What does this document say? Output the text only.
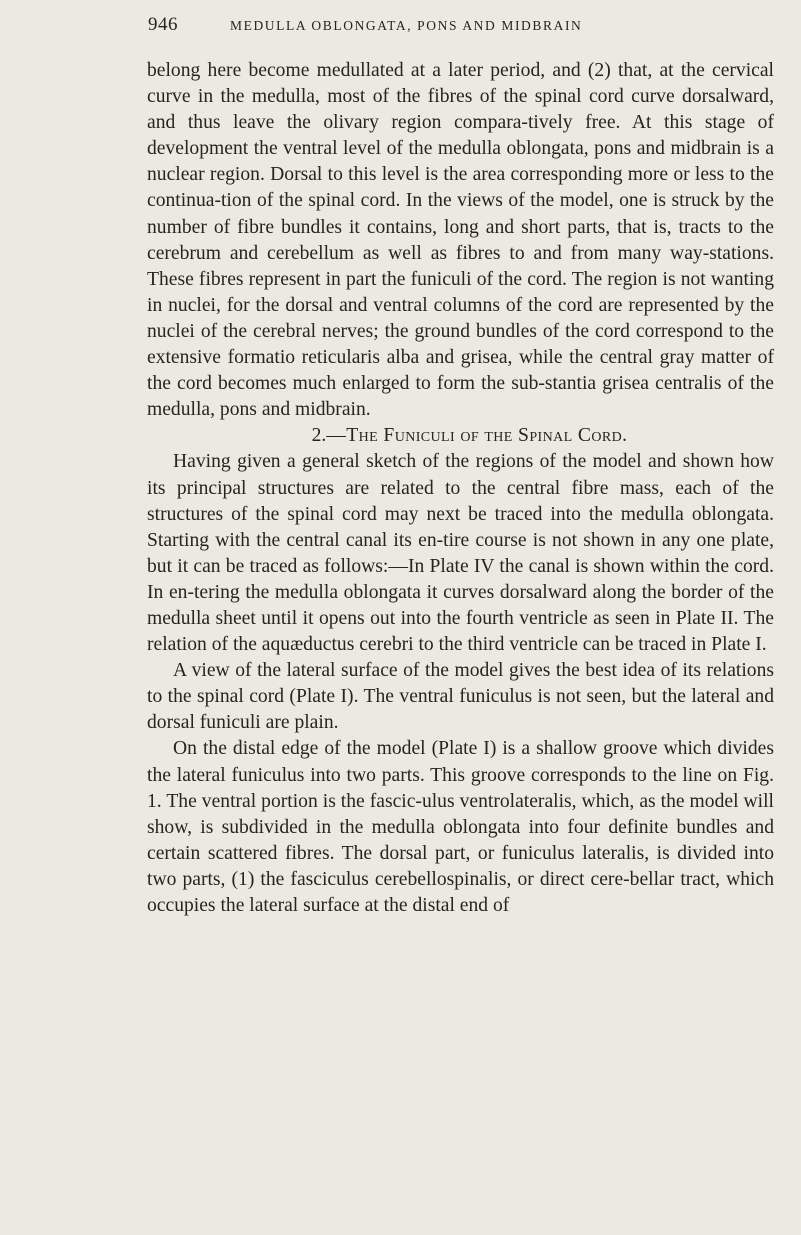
946	MEDULLA OBLONGATA, PONS AND MIDBRAIN

belong here become medullated at a later period, and (2) that, at the cervical curve in the medulla, most of the fibres of the spinal cord curve dorsalward, and thus leave the olivary region compara-tively free. At this stage of development the ventral level of the medulla oblongata, pons and midbrain is a nuclear region. Dorsal to this level is the area corresponding more or less to the continua-tion of the spinal cord. In the views of the model, one is struck by the number of fibre bundles it contains, long and short parts, that is, tracts to the cerebrum and cerebellum as well as fibres to and from many way-stations. These fibres represent in part the funiculi of the cord. The region is not wanting in nuclei, for the dorsal and ventral columns of the cord are represented by the nuclei of the cerebral nerves; the ground bundles of the cord correspond to the extensive formatio reticularis alba and grisea, while the central gray matter of the cord becomes much enlarged to form the sub-stantia grisea centralis of the medulla, pons and midbrain.

2.—The Funiculi of the Spinal Cord.

Having given a general sketch of the regions of the model and shown how its principal structures are related to the central fibre mass, each of the structures of the spinal cord may next be traced into the medulla oblongata. Starting with the central canal its en-tire course is not shown in any one plate, but it can be traced as follows:—In Plate IV the canal is shown within the cord. In en-tering the medulla oblongata it curves dorsalward along the border of the medulla sheet until it opens out into the fourth ventricle as seen in Plate II. The relation of the aquæductus cerebri to the third ventricle can be traced in Plate I.

A view of the lateral surface of the model gives the best idea of its relations to the spinal cord (Plate I). The ventral funiculus is not seen, but the lateral and dorsal funiculi are plain.

On the distal edge of the model (Plate I) is a shallow groove which divides the lateral funiculus into two parts. This groove corresponds to the line on Fig. 1. The ventral portion is the fascic-ulus ventrolateralis, which, as the model will show, is subdivided in the medulla oblongata into four definite bundles and certain scattered fibres. The dorsal part, or funiculus lateralis, is divided into two parts, (1) the fasciculus cerebellospinalis, or direct cere-bellar tract, which occupies the lateral surface at the distal end of
